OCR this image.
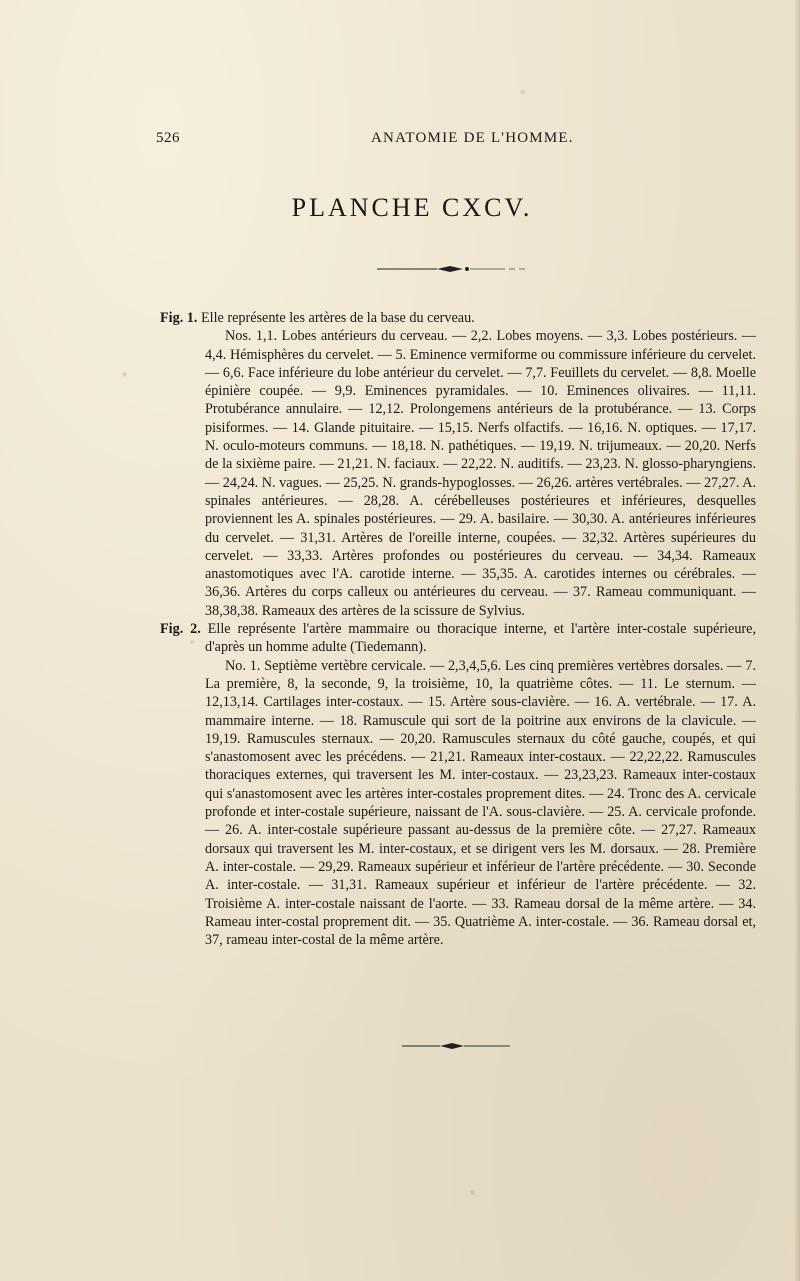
526	ANATOMIE DE L'HOMME.
PLANCHE CXCV.

Fig. 1. Elle représente les artères de la base du cerveau.

Nos. 1,1. Lobes antérieurs du cerveau. — 2,2. Lobes moyens. — 3,3. Lobes postérieurs. — 4,4. Hémisphères du cervelet. — 5. Eminence vermiforme ou commissure inférieure du cervelet. — 6,6. Face inférieure du lobe antérieur du cervelet. — 7,7. Feuillets du cervelet. — 8,8. Moelle épinière coupée. — 9,9. Eminences pyramidales. — 10. Eminences olivaires. — 11,11. Protubérance annulaire. — 12,12. Prolongemens antérieurs de la protubérance. — 13. Corps pisiformes. — 14. Glande pituitaire. — 15,15. Nerfs olfactifs. — 16,16. N. optiques. — 17,17. N. oculo-moteurs communs. — 18,18. N. pathétiques. — 19,19. N. trijumeaux. — 20,20. Nerfs de la sixième paire. — 21,21. N. faciaux. — 22,22. N. auditifs. — 23,23. N. glosso-pharyngiens. — 24,24. N. vagues. — 25,25. N. grands-hypoglosses. — 26,26. artères vertébrales. — 27,27. A. spinales antérieures. — 28,28. A. cérébelleuses postérieures et inférieures, desquelles proviennent les A. spinales postérieures. — 29. A. basilaire. — 30,30. A. antérieures inférieures du cervelet. — 31,31. Artères de l'oreille interne, coupées. — 32,32. Artères supérieures du cervelet. — 33,33. Artères profondes ou postérieures du cerveau. — 34,34. Rameaux anastomotiques avec l'A. carotide interne. — 35,35. A. carotides internes ou cérébrales. — 36,36. Artères du corps calleux ou antérieures du cerveau. — 37. Rameau communiquant. — 38,38,38. Rameaux des artères de la scissure de Sylvius.

Fig. 2. Elle représente l'artère mammaire ou thoracique interne, et l'artère inter-costale supérieure, d'après un homme adulte (Tiedemann).

No. 1. Septième vertèbre cervicale. — 2,3,4,5,6. Les cinq premières vertèbres dorsales. — 7. La première, 8, la seconde, 9, la troisième, 10, la quatrième côtes. — 11. Le sternum. — 12,13,14. Cartilages inter-costaux. — 15. Artère sous-clavière. — 16. A. vertébrale. — 17. A. mammaire interne. — 18. Ramuscule qui sort de la poitrine aux environs de la clavicule. — 19,19. Ramuscules sternaux. — 20,20. Ramuscules sternaux du côté gauche, coupés, et qui s'anastomosent avec les précédens. — 21,21. Rameaux inter-costaux. — 22,22,22. Ramuscules thoraciques externes, qui traversent les M. inter-costaux. — 23,23,23. Rameaux inter-costaux qui s'anastomosent avec les artères inter-costales proprement dites. — 24. Tronc des A. cervicale profonde et inter-costale supérieure, naissant de l'A. sous-clavière. — 25. A. cervicale profonde. — 26. A. inter-costale supérieure passant au-dessus de la première côte. — 27,27. Rameaux dorsaux qui traversent les M. inter-costaux, et se dirigent vers les M. dorsaux. — 28. Première A. inter-costale. — 29,29. Rameaux supérieur et inférieur de l'artère précédente. — 30. Seconde A. inter-costale. — 31,31. Rameaux supérieur et inférieur de l'artère précédente. — 32. Troisième A. inter-costale naissant de l'aorte. — 33. Rameau dorsal de la même artère. — 34. Rameau inter-costal proprement dit. — 35. Quatrième A. inter-costale. — 36. Rameau dorsal et, 37, rameau inter-costal de la même artère.
